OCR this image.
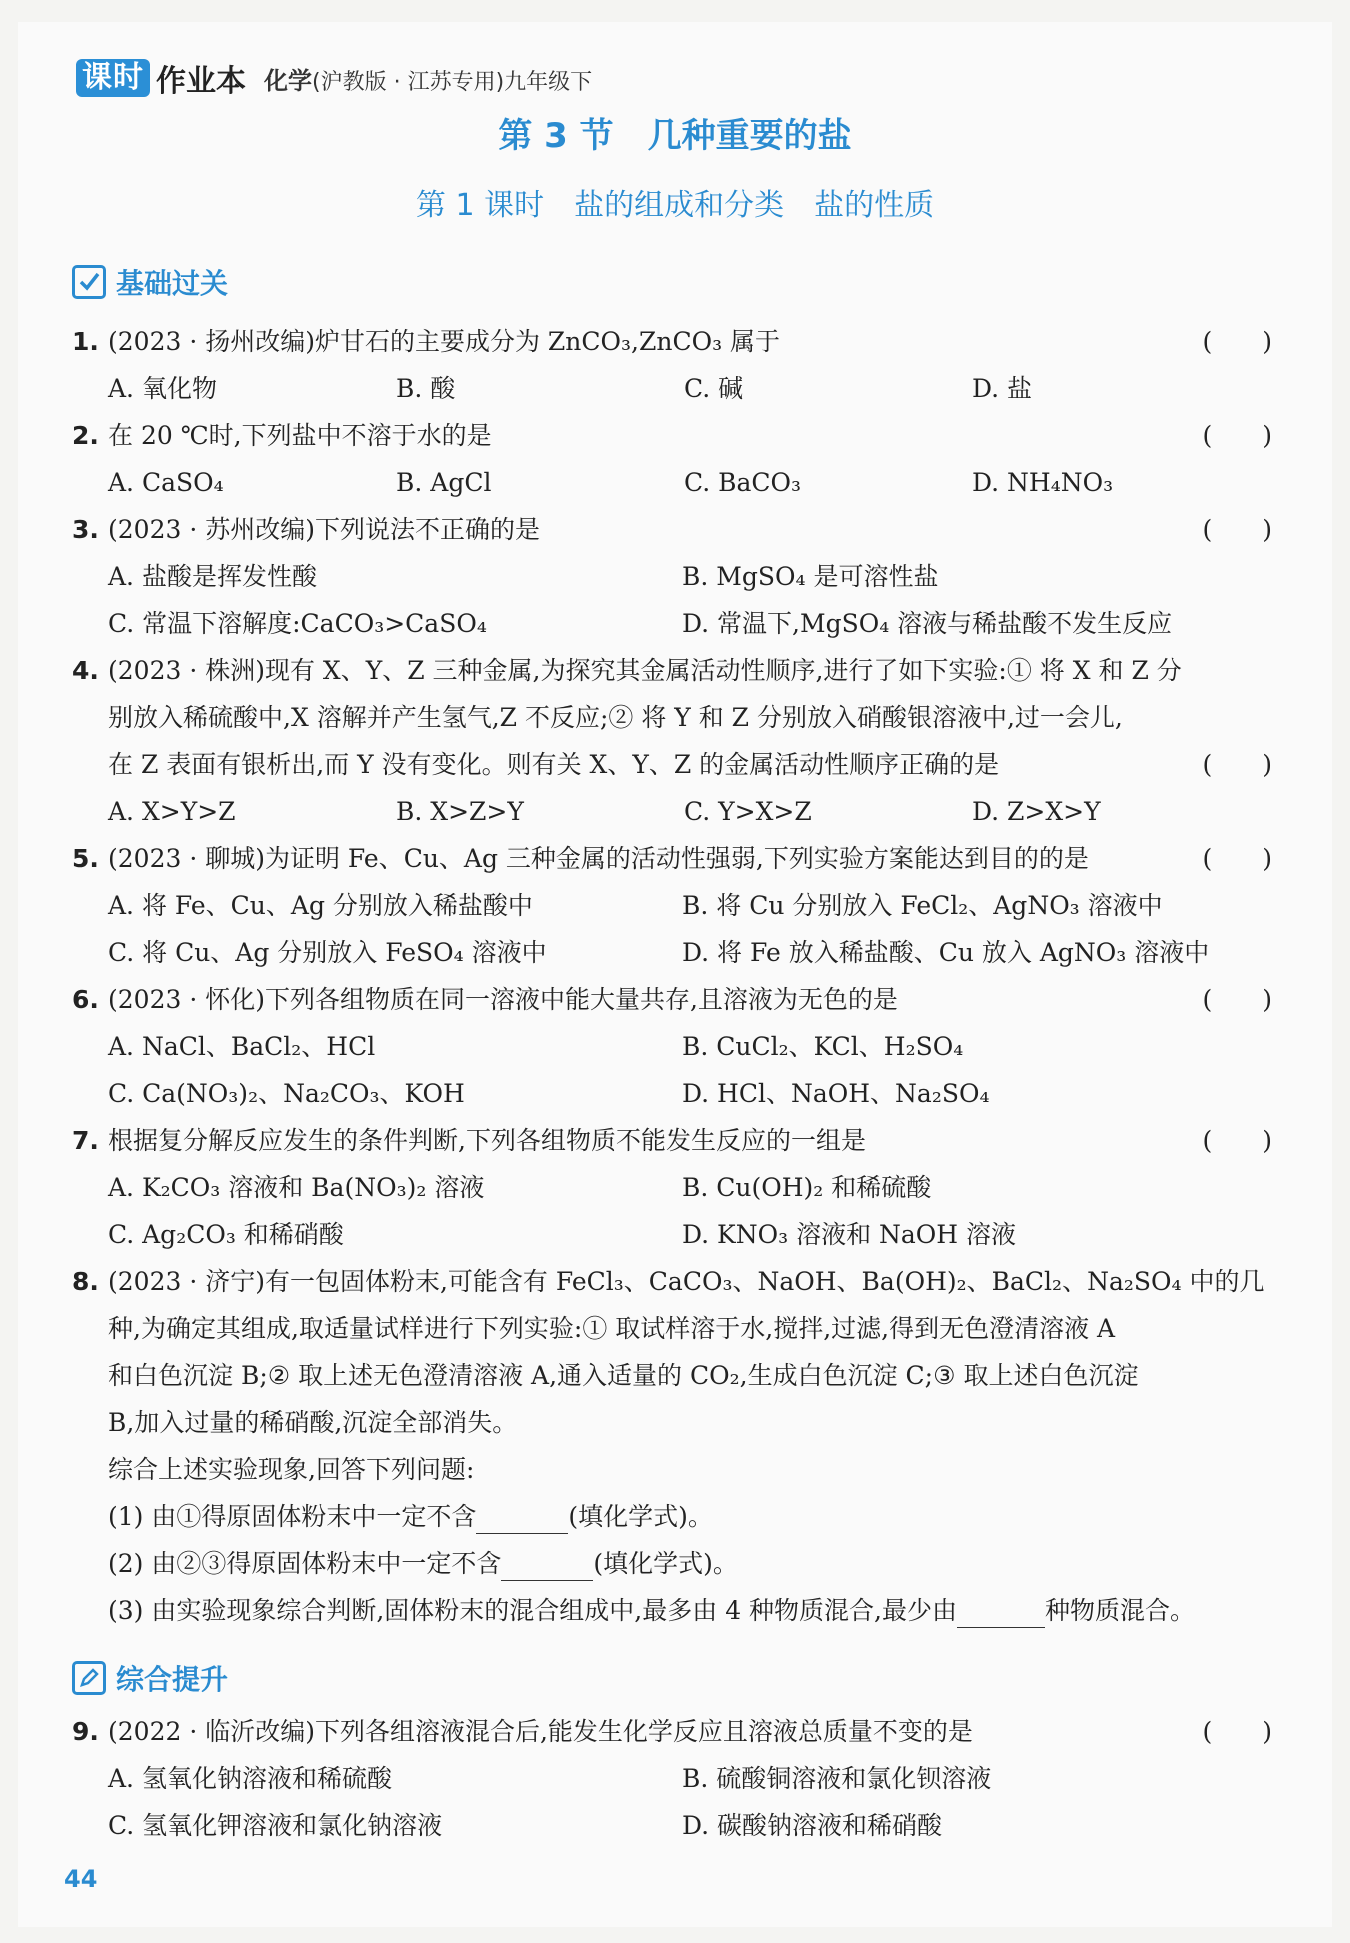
课时 作业本 化学(沪教版 · 江苏专用)九年级下
第 3 节　几种重要的盐
第 1 课时　盐的组成和分类　盐的性质
基础过关
1. (2023 · 扬州改编)炉甘石的主要成分为 ZnCO₃,ZnCO₃ 属于	(　　)
A. 氧化物	B. 酸	C. 碱	D. 盐
2. 在 20 ℃时,下列盐中不溶于水的是	(　　)
A. CaSO₄	B. AgCl	C. BaCO₃	D. NH₄NO₃
3. (2023 · 苏州改编)下列说法不正确的是	(　　)
A. 盐酸是挥发性酸	B. MgSO₄ 是可溶性盐
C. 常温下溶解度:CaCO₃>CaSO₄	D. 常温下,MgSO₄ 溶液与稀盐酸不发生反应
4. (2023 · 株洲)现有 X、Y、Z 三种金属,为探究其金属活动性顺序,进行了如下实验:① 将 X 和 Z 分
别放入稀硫酸中,X 溶解并产生氢气,Z 不反应;② 将 Y 和 Z 分别放入硝酸银溶液中,过一会儿,
在 Z 表面有银析出,而 Y 没有变化。则有关 X、Y、Z 的金属活动性顺序正确的是	(　　)
A. X>Y>Z	B. X>Z>Y	C. Y>X>Z	D. Z>X>Y
5. (2023 · 聊城)为证明 Fe、Cu、Ag 三种金属的活动性强弱,下列实验方案能达到目的的是	(　　)
A. 将 Fe、Cu、Ag 分别放入稀盐酸中	B. 将 Cu 分别放入 FeCl₂、AgNO₃ 溶液中
C. 将 Cu、Ag 分别放入 FeSO₄ 溶液中	D. 将 Fe 放入稀盐酸、Cu 放入 AgNO₃ 溶液中
6. (2023 · 怀化)下列各组物质在同一溶液中能大量共存,且溶液为无色的是	(　　)
A. NaCl、BaCl₂、HCl	B. CuCl₂、KCl、H₂SO₄
C. Ca(NO₃)₂、Na₂CO₃、KOH	D. HCl、NaOH、Na₂SO₄
7. 根据复分解反应发生的条件判断,下列各组物质不能发生反应的一组是	(　　)
A. K₂CO₃ 溶液和 Ba(NO₃)₂ 溶液	B. Cu(OH)₂ 和稀硫酸
C. Ag₂CO₃ 和稀硝酸	D. KNO₃ 溶液和 NaOH 溶液
8. (2023 · 济宁)有一包固体粉末,可能含有 FeCl₃、CaCO₃、NaOH、Ba(OH)₂、BaCl₂、Na₂SO₄ 中的几
种,为确定其组成,取适量试样进行下列实验:① 取试样溶于水,搅拌,过滤,得到无色澄清溶液 A
和白色沉淀 B;② 取上述无色澄清溶液 A,通入适量的 CO₂,生成白色沉淀 C;③ 取上述白色沉淀
B,加入过量的稀硝酸,沉淀全部消失。
综合上述实验现象,回答下列问题:
(1) 由①得原固体粉末中一定不含	(填化学式)。
(2) 由②③得原固体粉末中一定不含	(填化学式)。
(3) 由实验现象综合判断,固体粉末的混合组成中,最多由 4 种物质混合,最少由	种物质混合。
综合提升
9. (2022 · 临沂改编)下列各组溶液混合后,能发生化学反应且溶液总质量不变的是	(　　)
A. 氢氧化钠溶液和稀硫酸	B. 硫酸铜溶液和氯化钡溶液
C. 氢氧化钾溶液和氯化钠溶液	D. 碳酸钠溶液和稀硝酸
44
